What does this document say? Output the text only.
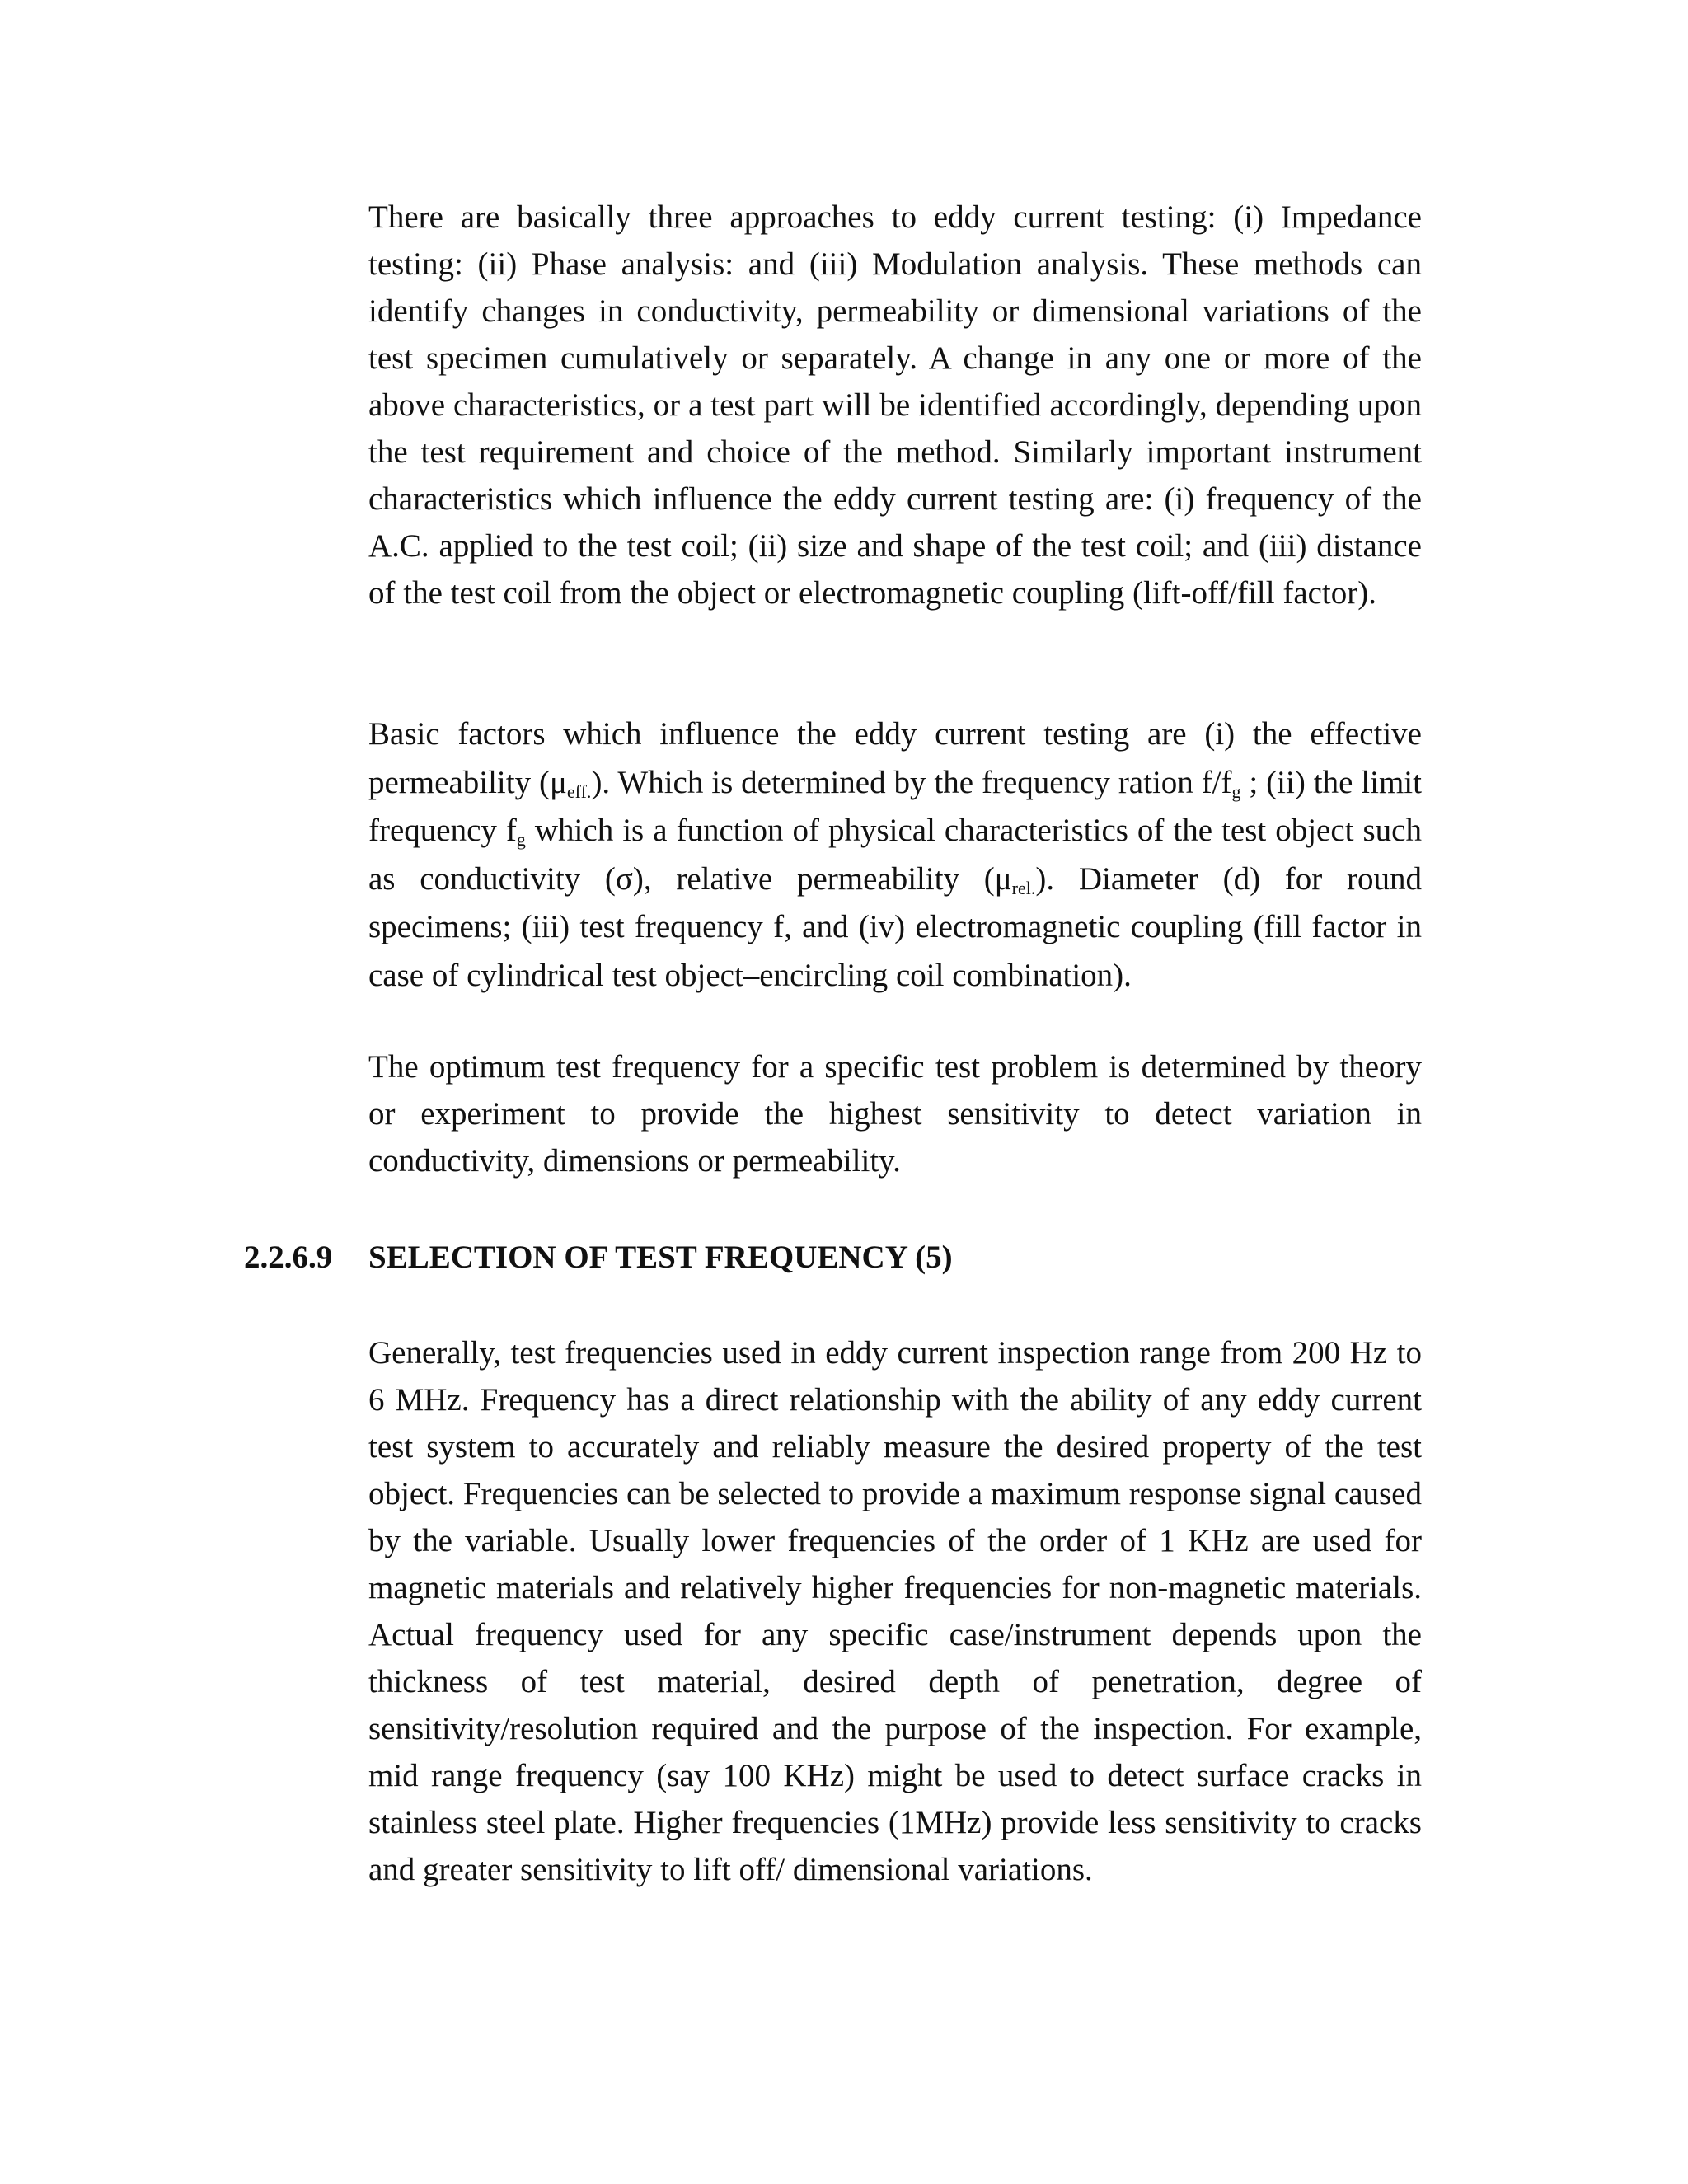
There are basically three approaches to eddy current testing: (i) Impedance testing: (ii) Phase analysis: and (iii) Modulation analysis. These methods can identify changes in conductivity, permeability or dimensional variations of the test specimen cumulatively or separately. A change in any one or more of the above characteristics, or a test part will be identified accordingly, depending upon the test requirement and choice of the method. Similarly important instrument characteristics which influence the eddy current testing are: (i) frequency of the A.C. applied to the test coil; (ii) size and shape of the test coil; and (iii) distance of the test coil from the object or electromagnetic coupling (lift-off/fill factor).

Basic factors which influence the eddy current testing are (i) the effective permeability $(\mu_{eff.})$. Which is determined by the frequency ration $f/f_g$ ; (ii) the limit frequency $f_g$ which is a function of physical characteristics of the test object such as conductivity (σ), relative permeability $(\mu_{rel.})$. Diameter (d) for round specimens; (iii) test frequency f, and (iv) electromagnetic coupling (fill factor in case of cylindrical test object–encircling coil combination).

The optimum test frequency for a specific test problem is determined by theory or experiment to provide the highest sensitivity to detect variation in conductivity, dimensions or permeability.

2.2.6.9 SELECTION OF TEST FREQUENCY (5)

Generally, test frequencies used in eddy current inspection range from 200 Hz to 6 MHz. Frequency has a direct relationship with the ability of any eddy current test system to accurately and reliably measure the desired property of the test object. Frequencies can be selected to provide a maximum response signal caused by the variable. Usually lower frequencies of the order of 1 KHz are used for magnetic materials and relatively higher frequencies for non-magnetic materials. Actual frequency used for any specific case/instrument depends upon the thickness of test material, desired depth of penetration, degree of sensitivity/resolution required and the purpose of the inspection. For example, mid range frequency (say 100 KHz) might be used to detect surface cracks in stainless steel plate. Higher frequencies (1MHz) provide less sensitivity to cracks and greater sensitivity to lift off/ dimensional variations.
